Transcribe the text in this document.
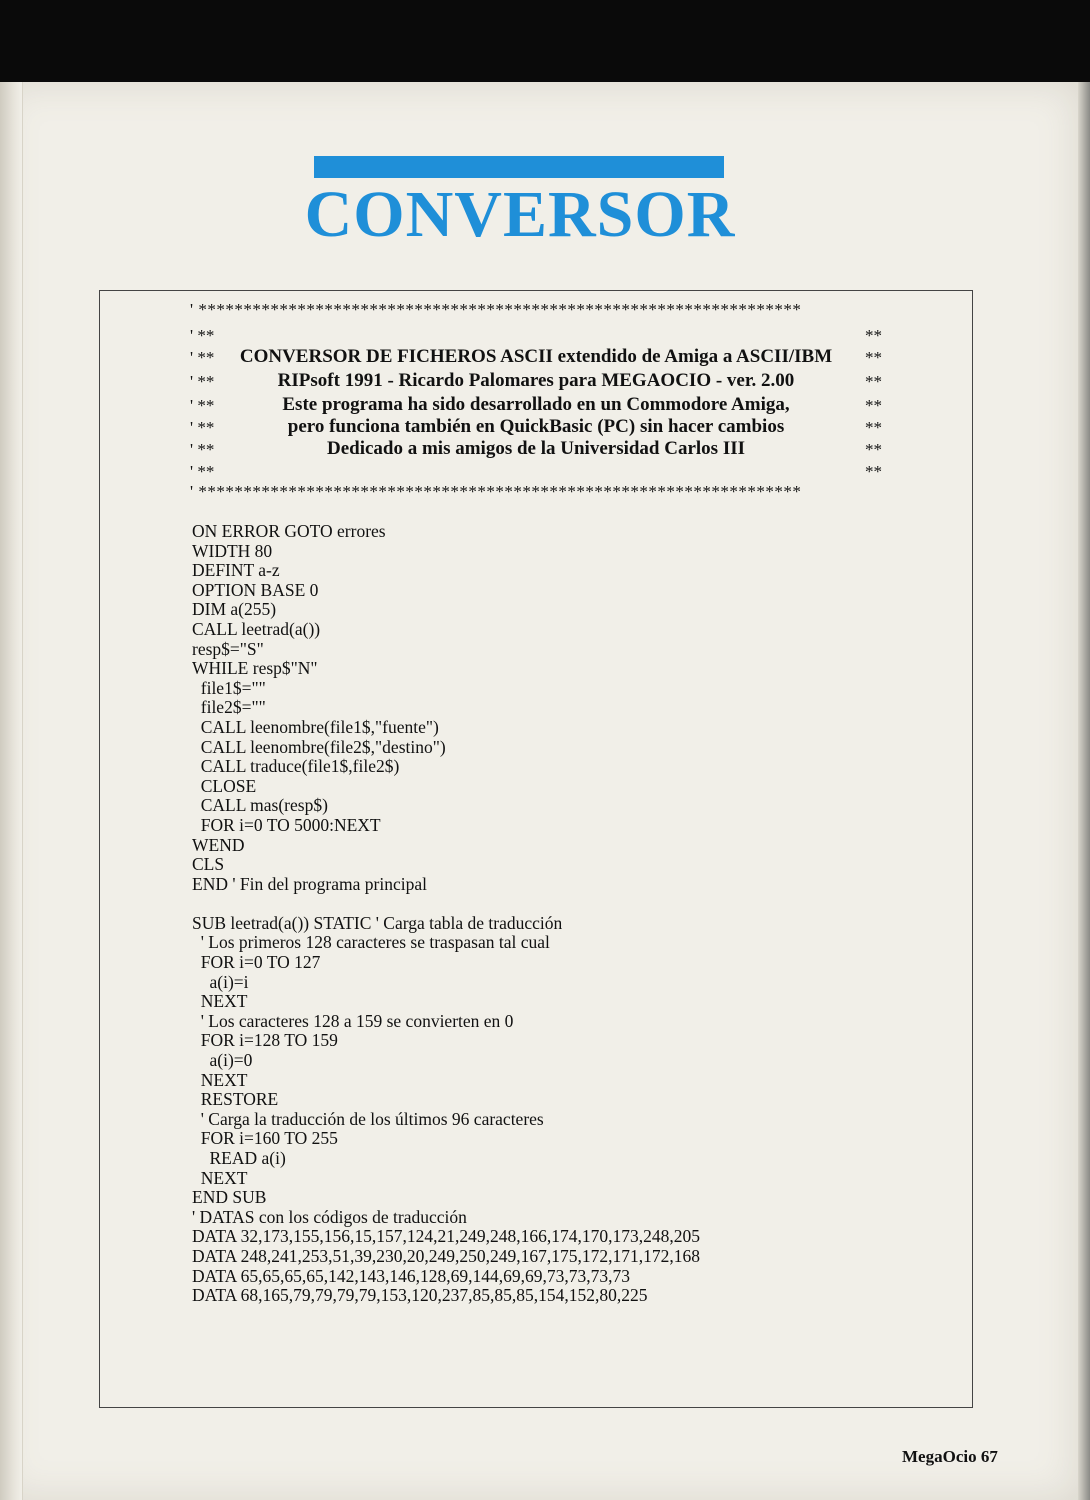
CONVERSOR
' *******************************************************************
' **	**
' **	CONVERSOR DE FICHEROS ASCII extendido de Amiga a ASCII/IBM	**
' **	RIPsoft 1991 - Ricardo Palomares para MEGAOCIO - ver. 2.00	**
' **	Este programa ha sido desarrollado en un Commodore Amiga,	**
' **	pero funciona también en QuickBasic (PC) sin hacer cambios	**
' **	Dedicado a mis amigos de la Universidad Carlos III	**
' **	**
' *******************************************************************
ON ERROR GOTO errores
WIDTH 80
DEFINT a-z
OPTION BASE 0
DIM a(255)
CALL leetrad(a())
resp$="S"
WHILE resp$"N"
file1$=""
file2$=""
CALL leenombre(file1$,"fuente")
CALL leenombre(file2$,"destino")
CALL traduce(file1$,file2$)
CLOSE
CALL mas(resp$)
FOR i=0 TO 5000:NEXT
WEND
CLS
END ' Fin del programa principal
SUB leetrad(a()) STATIC ' Carga tabla de traducción
' Los primeros 128 caracteres se traspasan tal cual
FOR i=0 TO 127
a(i)=i
NEXT
' Los caracteres 128 a 159 se convierten en 0
FOR i=128 TO 159
a(i)=0
NEXT
RESTORE
' Carga la traducción de los últimos 96 caracteres
FOR i=160 TO 255
READ a(i)
NEXT
END SUB
' DATAS con los códigos de traducción
DATA 32,173,155,156,15,157,124,21,249,248,166,174,170,173,248,205
DATA 248,241,253,51,39,230,20,249,250,249,167,175,172,171,172,168
DATA 65,65,65,65,142,143,146,128,69,144,69,69,73,73,73,73
DATA 68,165,79,79,79,79,153,120,237,85,85,85,154,152,80,225
MegaOcio 67
